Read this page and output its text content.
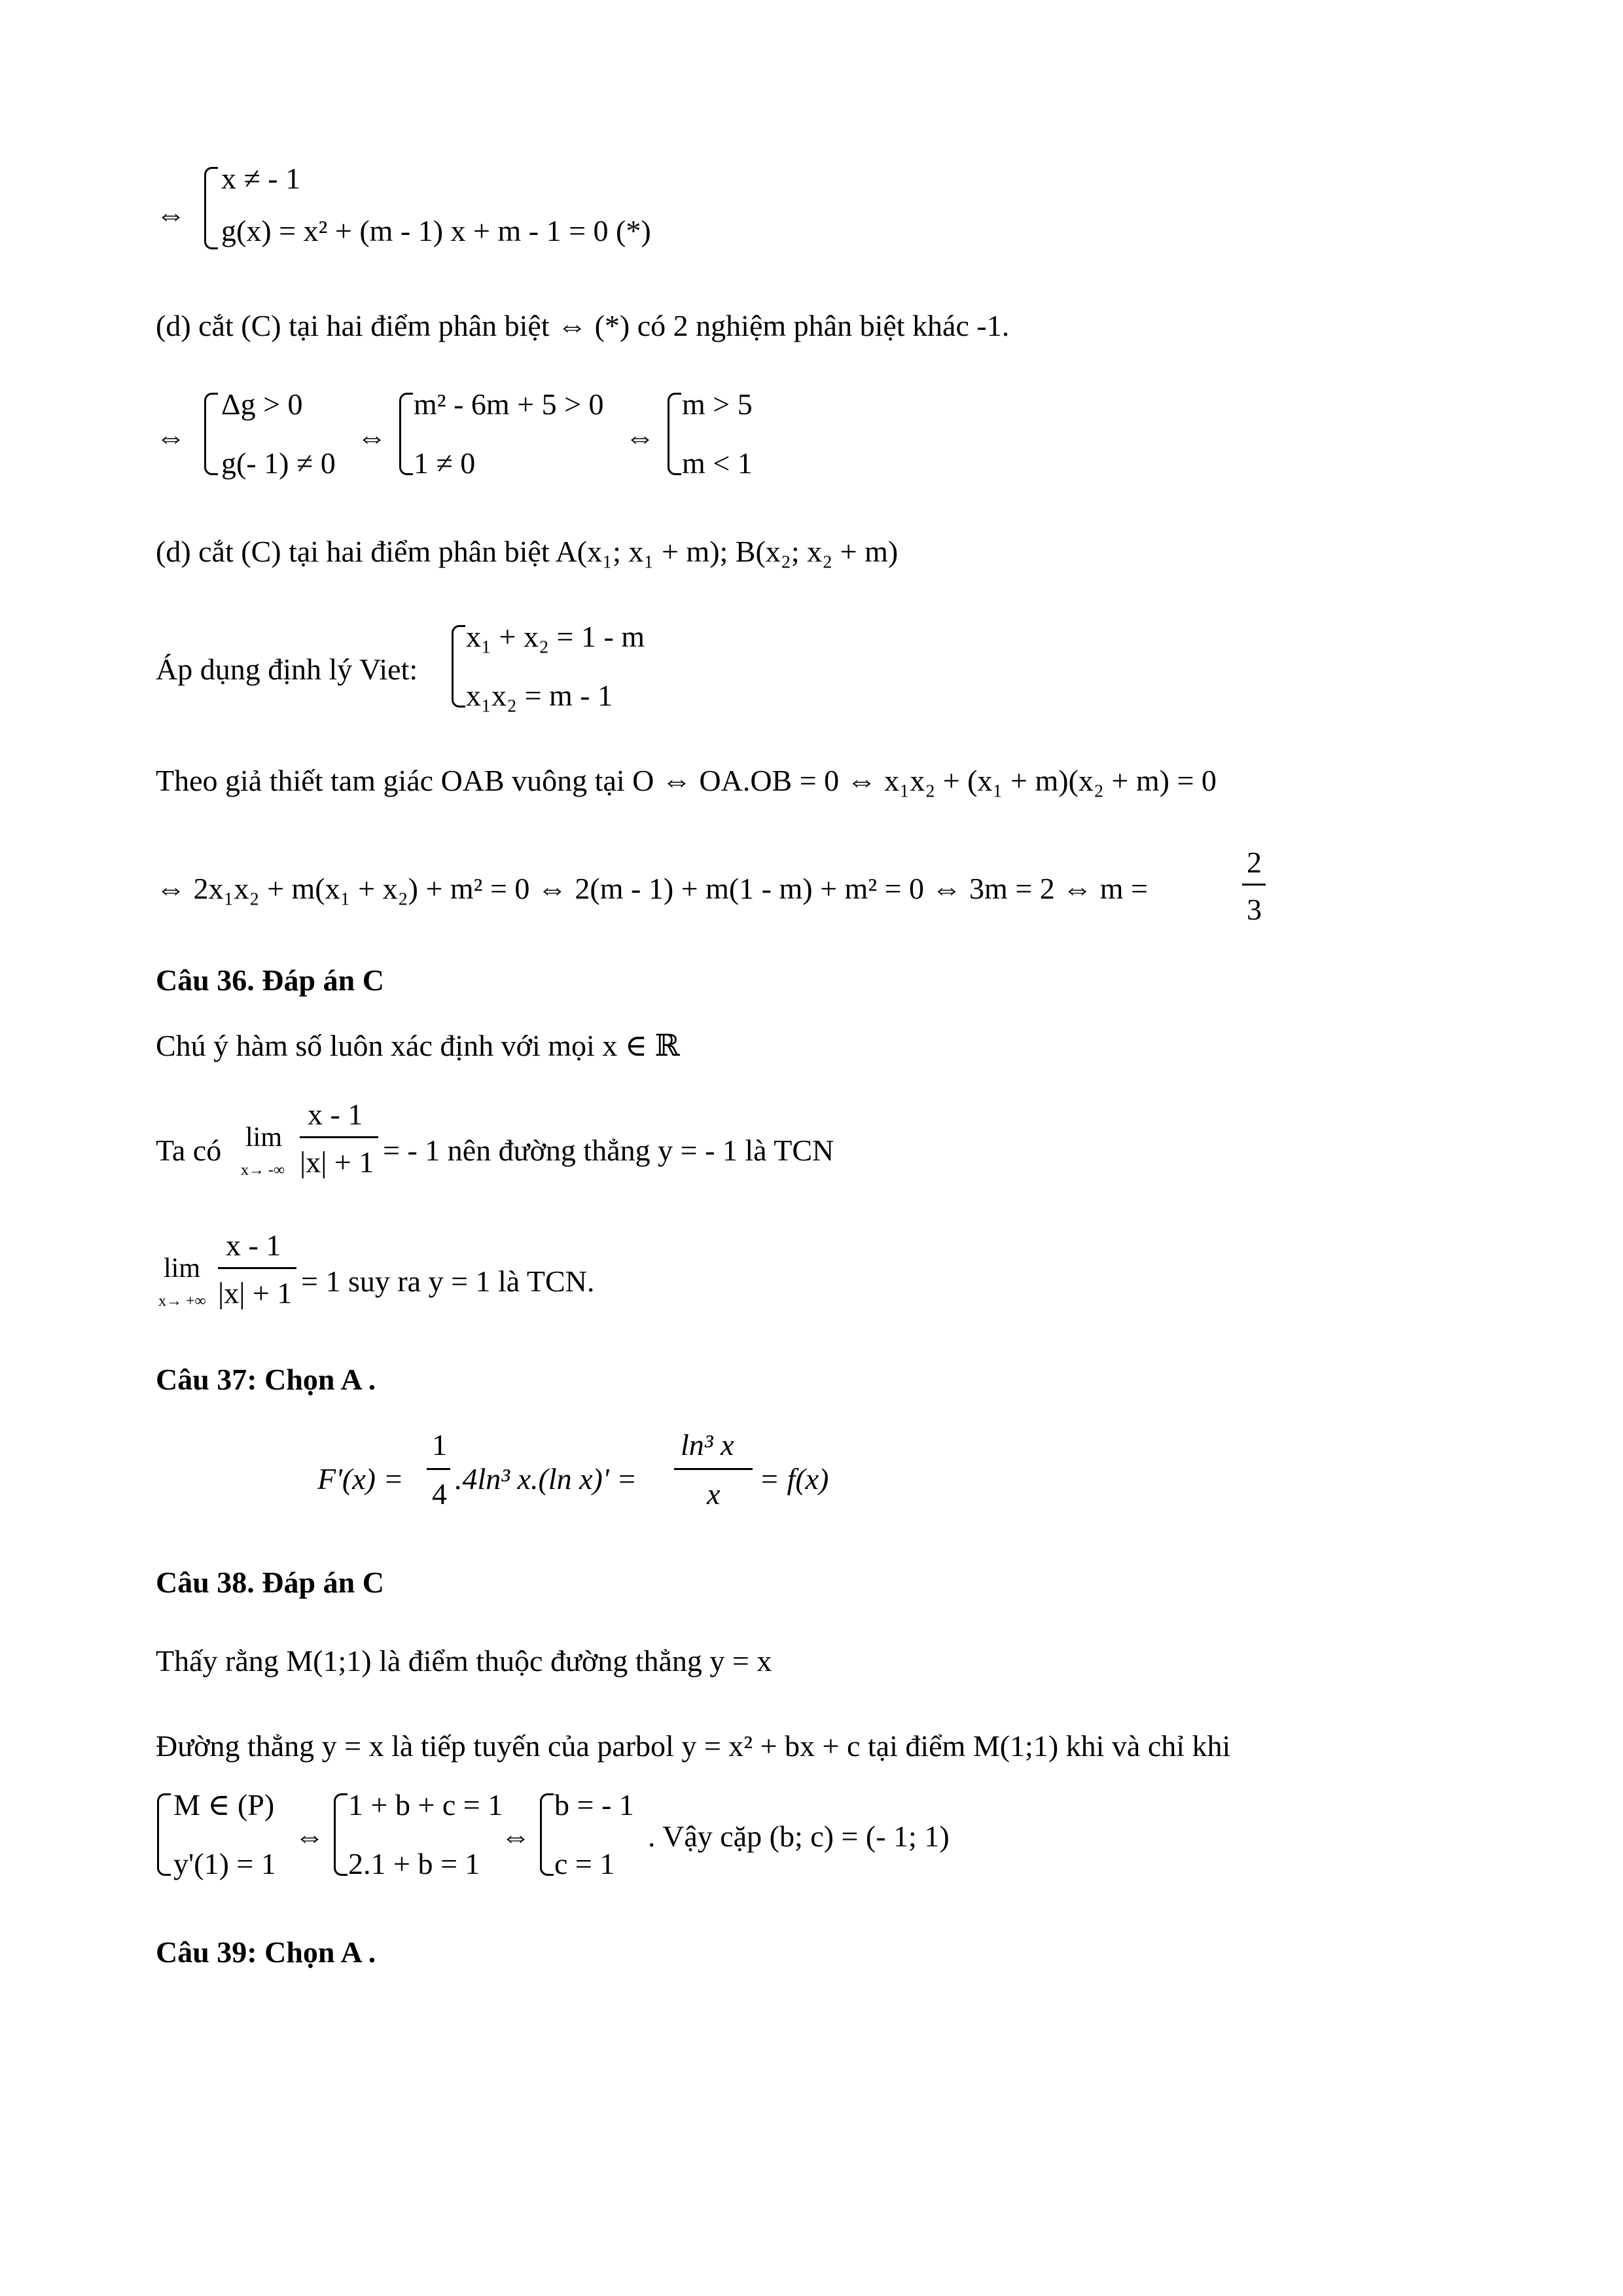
⇔
x ≠ - 1
g(x) = x² + (m - 1) x + m - 1 = 0 (*)
(d) cắt (C) tại hai điểm phân biệt ⇔ (*) có 2 nghiệm phân biệt khác -1.
⇔
Δg > 0
g(- 1) ≠ 0
⇔
m² - 6m + 5 > 0
1 ≠ 0
⇔
m > 5
m < 1
(d) cắt (C) tại hai điểm phân biệt A(x₁; x₁ + m); B(x₂; x₂ + m)
Áp dụng định lý Viet:
x₁ + x₂ = 1 - m
x₁x₂ = m - 1
Theo giả thiết tam giác OAB vuông tại O ⇔ OA.OB = 0 ⇔ x₁x₂ + (x₁ + m)(x₂ + m) = 0
⇔ 2x₁x₂ + m(x₁ + x₂) + m² = 0 ⇔ 2(m - 1) + m(1 - m) + m² = 0 ⇔ 3m = 2 ⇔ m =
2
3
Câu 36. Đáp án C
Chú ý hàm số luôn xác định với mọi x ∈ ℝ
Ta có lim
x→ -∞
x - 1
|x| + 1 = - 1 nên đường thẳng y = - 1 là TCN
lim
x→ +∞
x - 1
|x| + 1 = 1 suy ra y = 1 là TCN.
Câu 37: Chọn A .
F'(x) =
1
4 .4ln³ x.(ln x)' =
ln³ x
x = f(x)
Câu 38. Đáp án C
Thấy rằng M(1;1) là điểm thuộc đường thẳng y = x
Đường thẳng y = x là tiếp tuyến của parbol y = x² + bx + c tại điểm M(1;1) khi và chỉ khi
M ∈ (P)
y'(1) = 1
⇔
1 + b + c = 1
2.1 + b = 1
⇔
b = - 1
c = 1
. Vậy cặp (b; c) = (- 1; 1)
Câu 39: Chọn A .
